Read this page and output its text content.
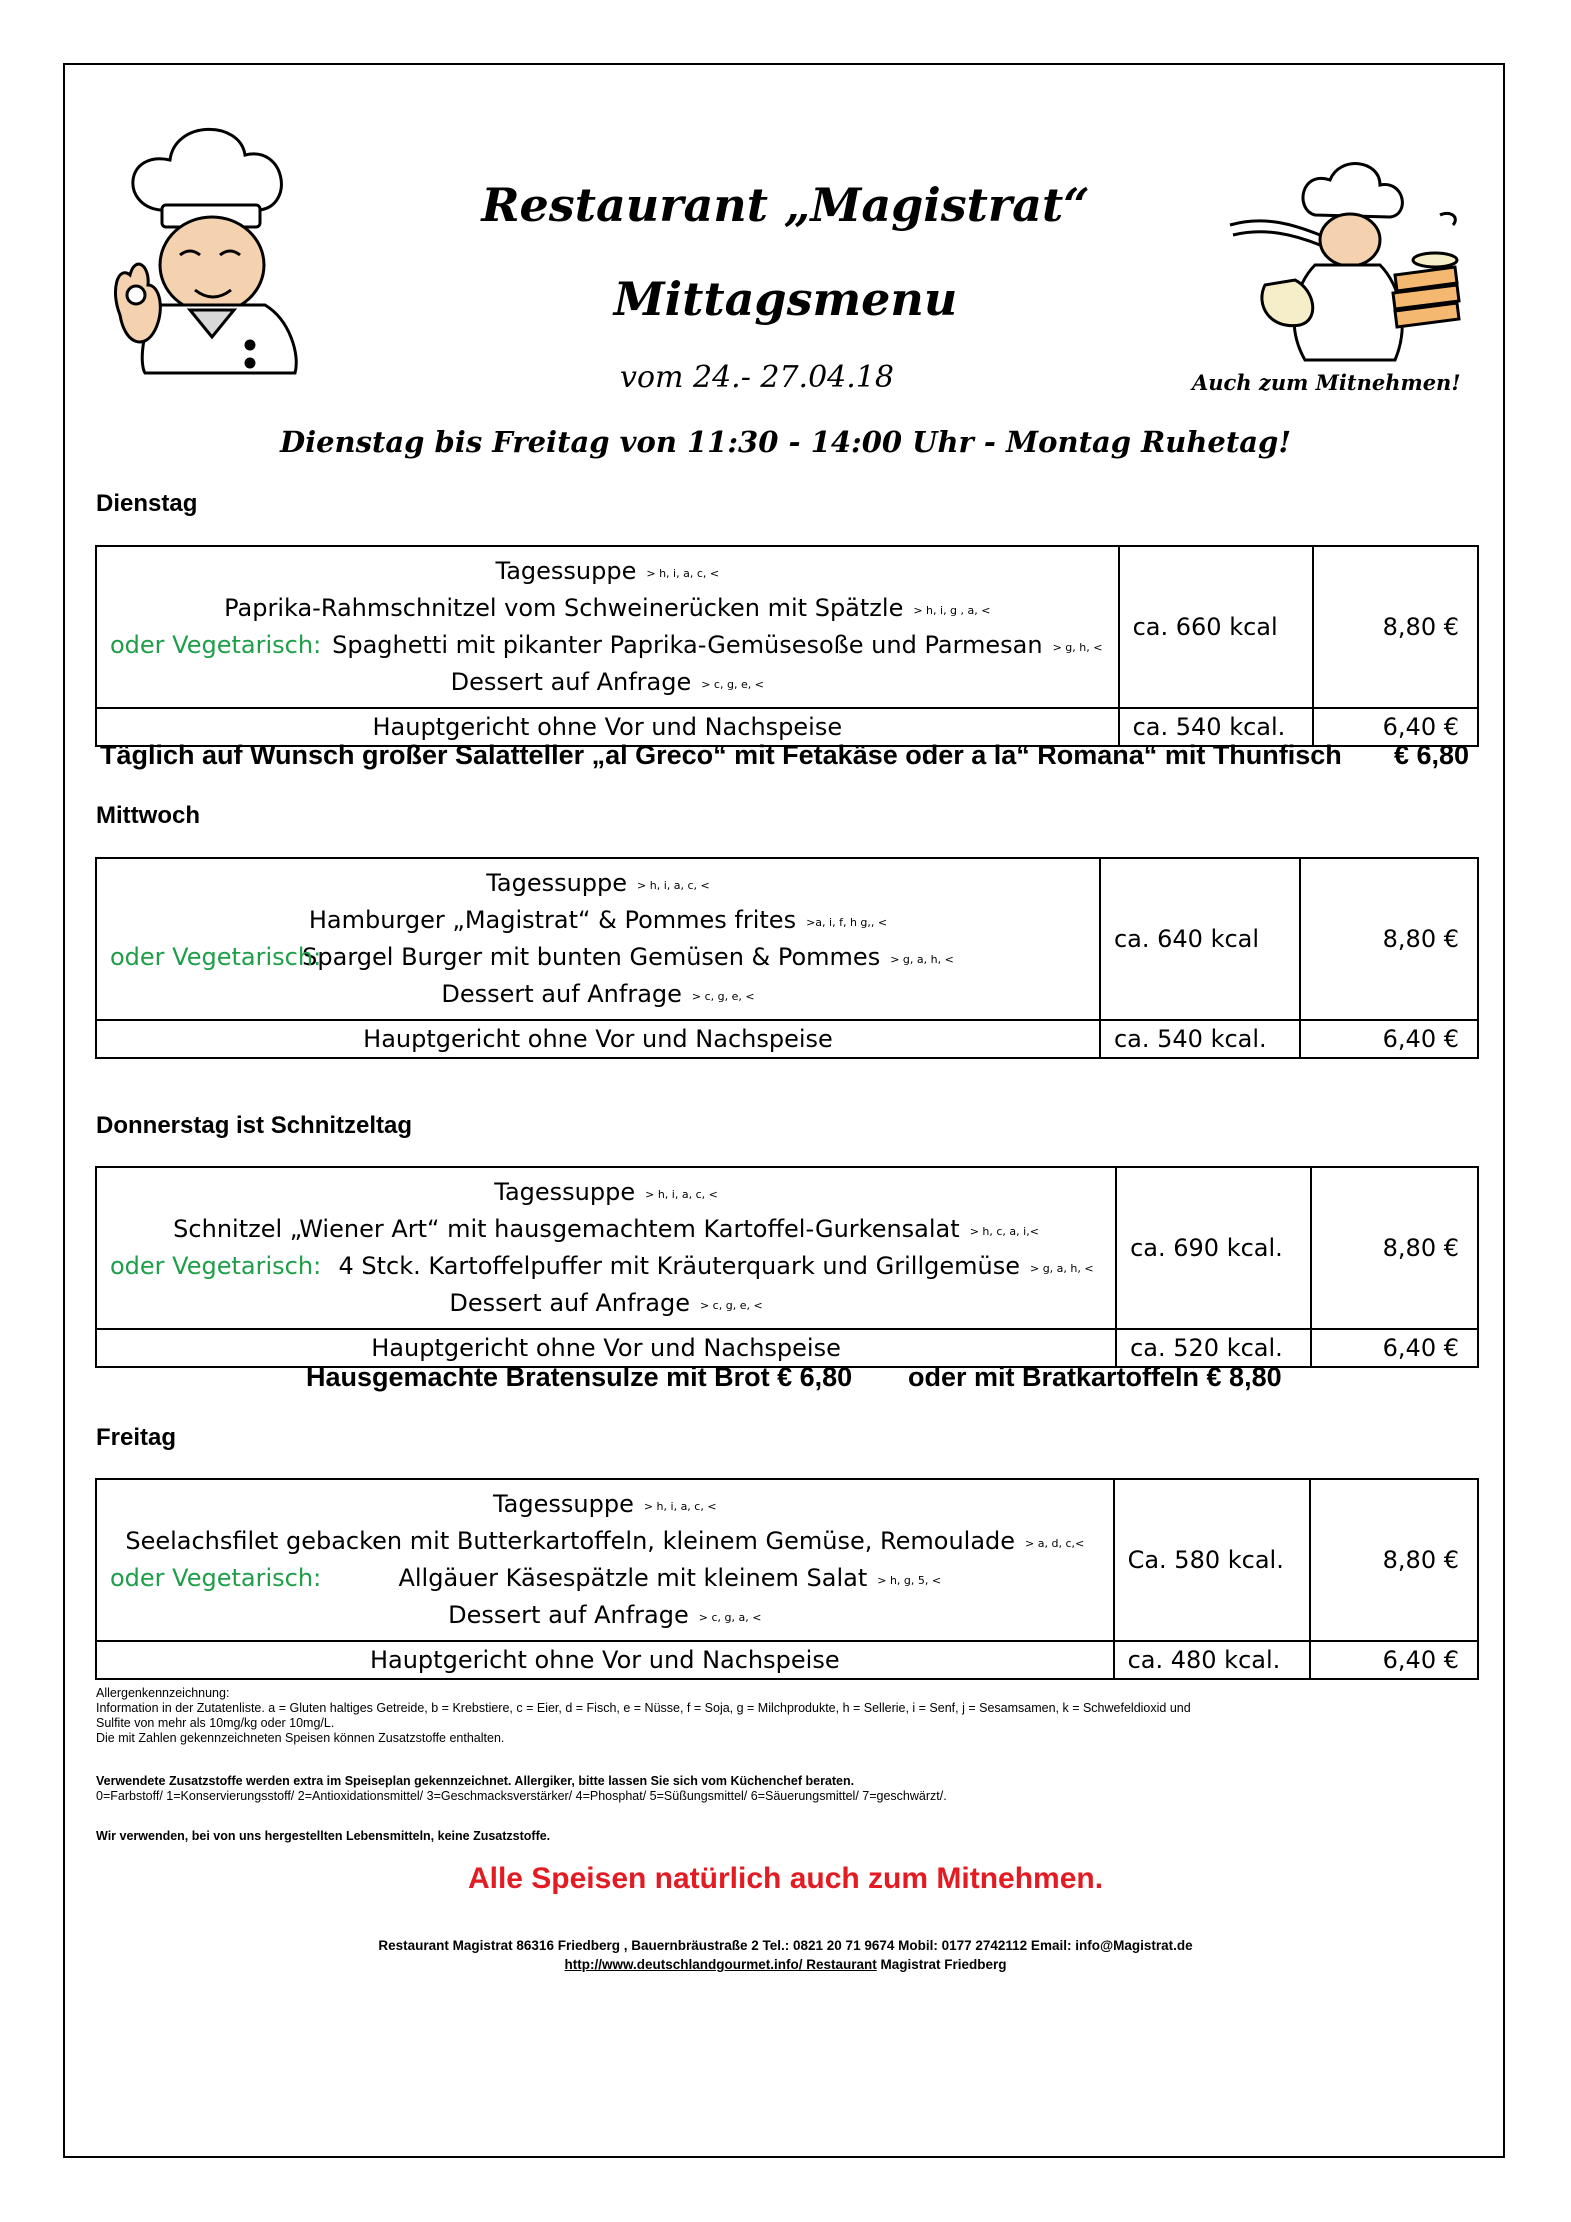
Restaurant „Magistrat“
Mittagsmenu
vom 24.- 27.04.18	Auch zum Mitnehmen!
Dienstag bis Freitag von 11:30 - 14:00 Uhr - Montag Ruhetag!
Dienstag
Tagessuppe > h, i, a, c, <
Paprika-Rahmschnitzel vom Schweinerücken mit Spätzle > h, i, g , a, <
oder Vegetarisch: Spaghetti mit pikanter Paprika-Gemüsesoße und Parmesan > g, h, <
Dessert auf Anfrage > c, g, e, <	ca. 660 kcal	8,80 €
Hauptgericht ohne Vor und Nachspeise	ca. 540 kcal.	6,40 €
Täglich auf Wunsch großer Salatteller „al Greco“ mit Fetakäse oder a la“ Romana“ mit Thunfisch € 6,80
Mittwoch
Tagessuppe > h, i, a, c, <
Hamburger „Magistrat“ & Pommes frites >a, i, f, h g,, <
oder Vegetarisch:
Spargel Burger mit bunten Gemüsen & Pommes > g, a, h, <
Dessert auf Anfrage > c, g, e, <	ca. 640 kcal	8,80 €
Hauptgericht ohne Vor und Nachspeise	ca. 540 kcal.	6,40 €
Donnerstag ist Schnitzeltag
Tagessuppe > h, i, a, c, <
Schnitzel „Wiener Art“ mit hausgemachtem Kartoffel-Gurkensalat > h, c, a, i,<
oder Vegetarisch: 4 Stck. Kartoffelpuffer mit Kräuterquark und Grillgemüse > g, a, h, <
Dessert auf Anfrage > c, g, e, <	ca. 690 kcal.	8,80 €
Hauptgericht ohne Vor und Nachspeise	ca. 520 kcal.	6,40 €
Hausgemachte Bratensulze mit Brot € 6,80 oder mit Bratkartoffeln € 8,80
Freitag
Tagessuppe > h, i, a, c, <
Seelachsfilet gebacken mit Butterkartoffeln, kleinem Gemüse, Remoulade > a, d, c,<
oder Vegetarisch: Allgäuer Käsespätzle mit kleinem Salat > h, g, 5, <
Dessert auf Anfrage > c, g, a, <	Ca. 580 kcal.	8,80 €
Hauptgericht ohne Vor und Nachspeise	ca. 480 kcal.	6,40 €
Allergenkennzeichnung:
Information in der Zutatenliste. a = Gluten haltiges Getreide, b = Krebstiere, c = Eier, d = Fisch, e = Nüsse, f = Soja, g = Milchprodukte, h = Sellerie, i = Senf, j = Sesamsamen, k = Schwefeldioxid und
Sulfite von mehr als 10mg/kg oder 10mg/L.
Die mit Zahlen gekennzeichneten Speisen können Zusatzstoffe enthalten.
Verwendete Zusatzstoffe werden extra im Speiseplan gekennzeichnet. Allergiker, bitte lassen Sie sich vom Küchenchef beraten.
0=Farbstoff/ 1=Konservierungsstoff/ 2=Antioxidationsmittel/ 3=Geschmacksverstärker/ 4=Phosphat/ 5=Süßungsmittel/ 6=Säuerungsmittel/ 7=geschwärzt/.
Wir verwenden, bei von uns hergestellten Lebensmitteln, keine Zusatzstoffe.
Alle Speisen natürlich auch zum Mitnehmen.
Restaurant Magistrat 86316 Friedberg , Bauernbräustraße 2 Tel.: 0821 20 71 9674 Mobil: 0177 2742112 Email: info@Magistrat.de
http://www.deutschlandgourmet.info/ Restaurant Magistrat Friedberg
